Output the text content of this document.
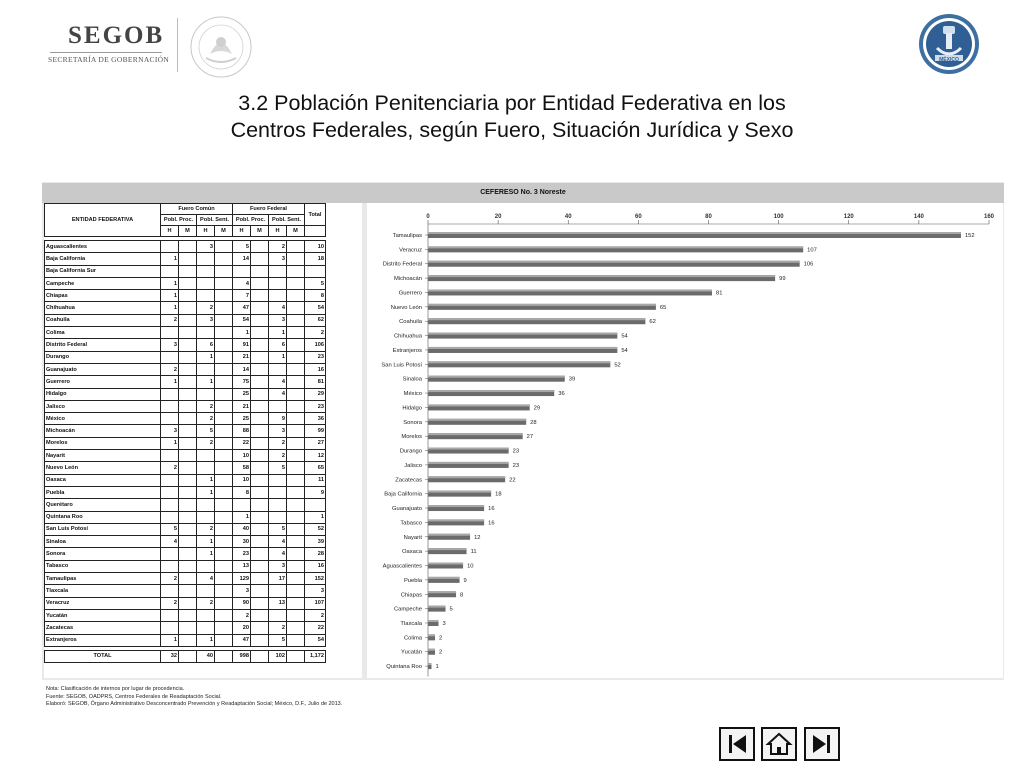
SEGOB
SECRETARÍA DE GOBERNACIÓN	MÉXICO
3.2 Población Penitenciaria por Entidad Federativa en los
Centros Federales, según Fuero, Situación Jurídica y Sexo
CEFERESO No. 3 Noreste
ENTIDAD FEDERATIVA	Fuero Común				Fuero Federal				Total
	Pobl. Proc.		Pobl. Sent.		Pobl. Proc.		Pobl. Sent.		
	H	M	H	M	H	M	H	M	

Aguascalientes			3		5		2		10
Baja California	1				14		3		18
Baja California Sur									
Campeche	1				4				5
Chiapas	1				7				8
Chihuahua	1		2		47		4		54
Coahuila	2		3		54		3		62
Colima					1		1		2
Distrito Federal	3		6		91		6		106
Durango			1		21		1		23
Guanajuato	2				14				16
Guerrero	1		1		75		4		81
Hidalgo					25		4		29
Jalisco			2		21				23
México			2		25		9		36
Michoacán	3		5		88		3		99
Morelos	1		2		22		2		27
Nayarit					10		2		12
Nuevo León	2				58		5		65
Oaxaca			1		10				11
Puebla			1		8				9
Querétaro									
Quintana Roo					1				1
San Luis Potosí	5		2		40		5		52
Sinaloa	4		1		30		4		39
Sonora			1		23		4		28
Tabasco					13		3		16
Tamaulipas	2		4		129		17		152
Tlaxcala					3				3
Veracruz	2		2		90		13		107
Yucatán					2				2
Zacatecas					20		2		22
Extranjeros	1		1		47		5		54

TOTAL	32		40		998		102		1,172
0	20	40	60	80	100	120	140	160
Tamaulipas	152
Veracruz	107
Distrito Federal	106
Michoacán	99
Guerrero	81
Nuevo León	65
Coahuila	62
Chihuahua	54
Extranjeros	54
San Luis Potosí	52
Sinaloa	39
México	36
Hidalgo	29
Sonora	28
Morelos	27
Durango	23
Jalisco	23
Zacatecas	22
Baja California	18
Guanajuato	16
Tabasco	16
Nayarit	12
Oaxaca	11
Aguascalientes	10
Puebla	9
Chiapas	8
Campeche	5
Tlaxcala	3
Colima	2
Yucatán	2
Quintana Roo 1
Nota: Clasificación de internos por lugar de procedencia.
Fuente: SEGOB, OADPRS, Centros Federales de Readaptación Social.
Elaboró: SEGOB, Órgano Administrativo Desconcentrado Prevención y Readaptación Social; México, D.F., Julio de 2013.
